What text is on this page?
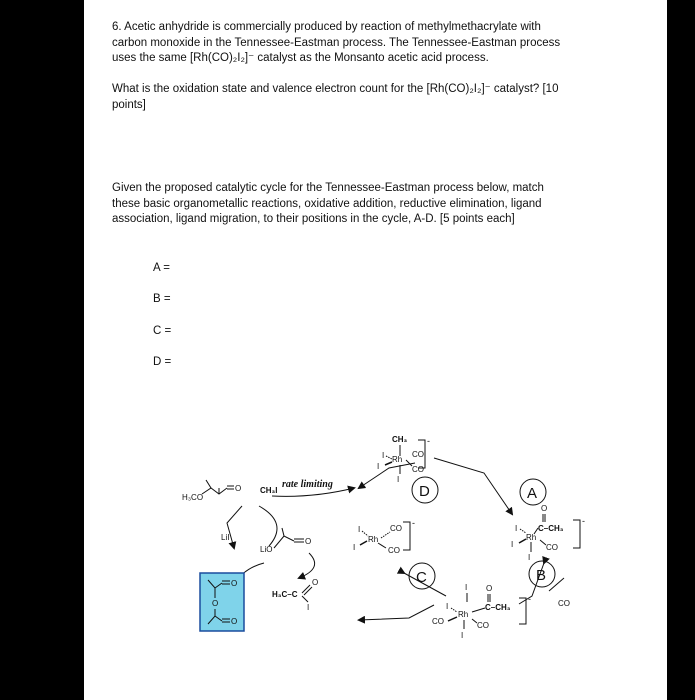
6. Acetic anhydride is commercially produced by reaction of methylmethacrylate with
carbon monoxide in the Tennessee-Eastman process. The Tennessee-Eastman process
uses the same [Rh(CO)₂I₂]⁻ catalyst as the Monsanto acetic acid process.

What is the oxidation state and valence electron count for the [Rh(CO)₂I₂]⁻ catalyst? [10
points]

Given the proposed catalytic cycle for the Tennessee-Eastman process below, match
these basic organometallic reactions, oxidative addition, reductive elimination, ligand
association, ligand migration, to their positions in the cycle, A-D. [5 points each]

A =
B =
C =
D =
CH₃
I Rh
CO
CO
I
I
-
O
C–CH₃
-
I
Rh
I	CO
I
I
Rh
CO
CO
I
-
I O
C–CH₃
-
I
Rh
CO	CO
I
D	A
C	B
CO
H₃CO
O CH₃I
rate limiting
LiI
LiO
O
H₃C–C
O
I
O
O
O
